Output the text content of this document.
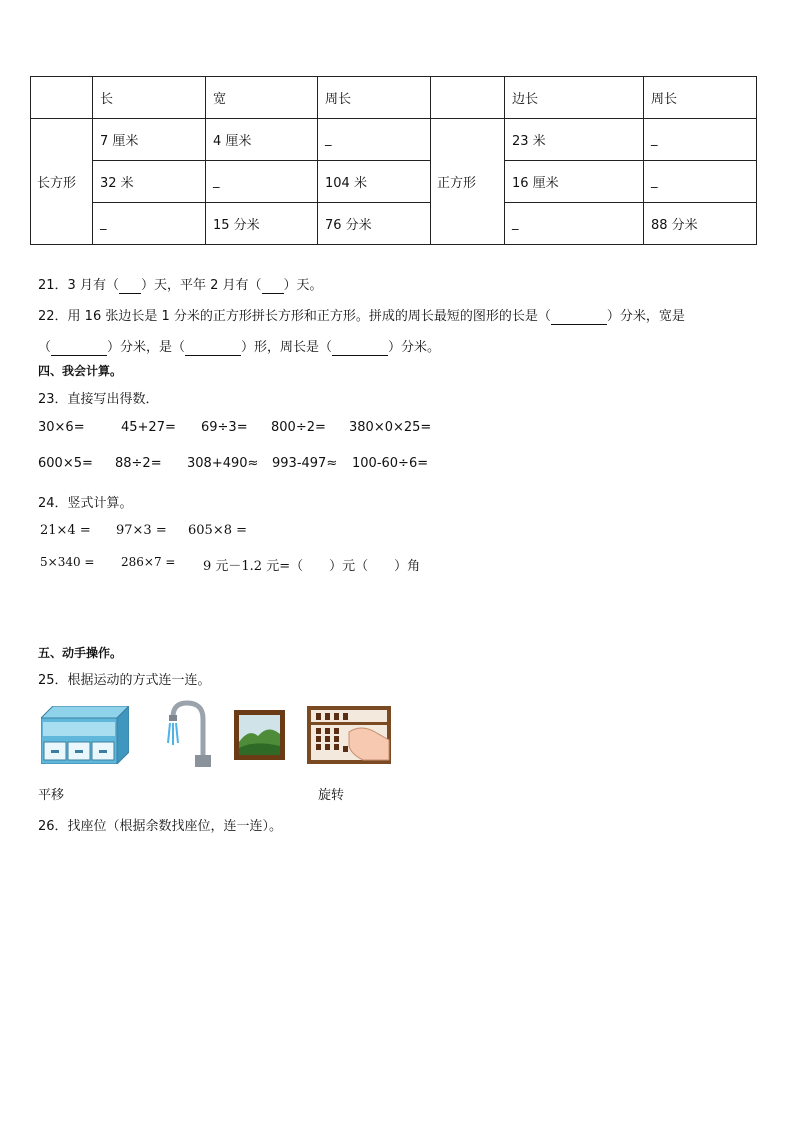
	长	宽	周长		边长	周长
长方形	7 厘米	4 厘米	_	正方形	23 米	_
	32 米	_	104 米		16 厘米	_
	_	15 分米	76 分米		_	88 分米
21．3 月有（ ）天，平年 2 月有（ ）天。
22．用 16 张边长是 1 分米的正方形拼长方形和正方形。拼成的周长最短的图形的长是（	）分米，宽是
（	）分米，是（	）形，周长是（	）分米。
四、我会计算。
23．直接写出得数．
30×6=	45+27= 69÷3= 800÷2= 380×0×25=
600×5= 88÷2= 308+490≈ 993-497≈ 100-60÷6=
24．竖式计算。
21×4 = 97×3 = 605×8 =
5×340 = 286×7 = 9 元－1.2 元=（　　）元（　　）角
五、动手操作。
25．根据运动的方式连一连。
平移	旋转
26．找座位（根据余数找座位，连一连）。
